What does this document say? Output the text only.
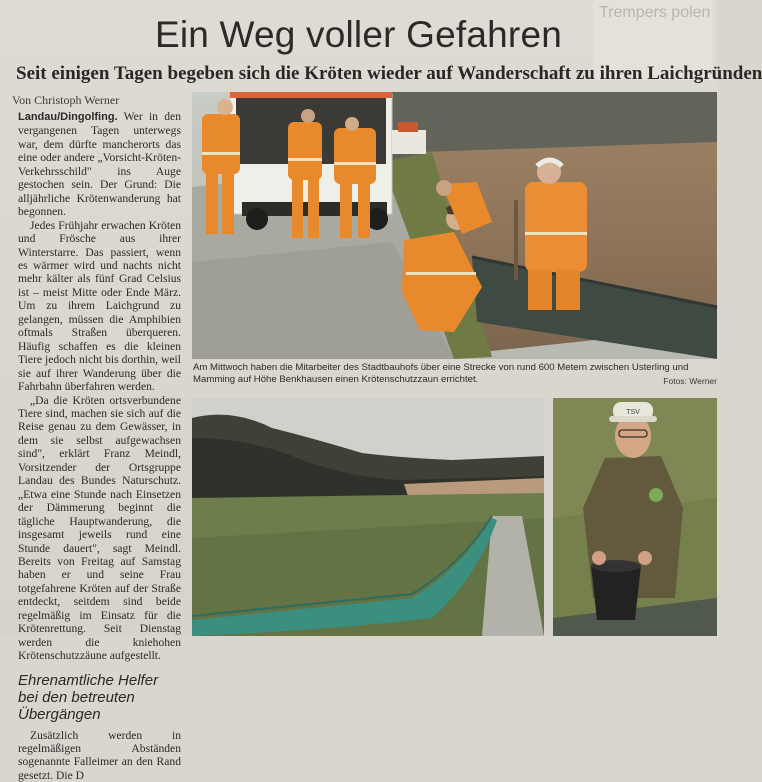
Trempers polen
Ein Weg voller Gefahren
Seit einigen Tagen begeben sich die Kröten wieder auf Wanderschaft zu ihren Laichgründen
Von Christoph Werner

Landau/Dingolfing. Wer in den vergangenen Tagen unterwegs war, dem dürfte mancherorts das eine oder andere „Vorsicht-Kröten-Verkehrsschild" ins Auge gestochen sein. Der Grund: Die alljährliche Krötenwanderung hat begonnen.

Jedes Frühjahr erwachen Kröten und Frösche aus ihrer Winterstarre. Das passiert, wenn es wärmer wird und nachts nicht mehr kälter als fünf Grad Celsius ist – meist Mitte oder Ende März. Um zu ihrem Laichgrund zu gelangen, müssen die Amphibien oftmals Straßen überqueren. Häufig schaffen es die kleinen Tiere jedoch nicht bis dorthin, weil sie auf ihrer Wanderung über die Fahrbahn überfahren werden.

„Da die Kröten ortsverbundene Tiere sind, machen sie sich auf die Reise genau zu dem Gewässer, in dem sie selbst aufgewachsen sind", erklärt Franz Meindl, Vorsitzender der Ortsgruppe Landau des Bundes Naturschutz. „Etwa eine Stunde nach Einsetzen der Dämmerung beginnt die tägliche Hauptwanderung, die insgesamt jeweils rund eine Stunde dauert", sagt Meindl. Bereits von Freitag auf Samstag haben er und seine Frau totgefahrene Kröten auf der Straße entdeckt, seitdem sind beide regelmäßig im Einsatz für die Krötenrettung. Seit Dienstag werden die kniehohen Krötenschutzzäune aufgestellt.

Ehrenamtliche Helfer bei den betreuten Übergängen

Zusätzlich werden in regelmäßigen Abständen sogenannte Falleimer an den Rand gesetzt. Die D

Am Mittwoch haben die Mitarbeiter des Stadtbauhofs über eine Strecke von rund 600 Metern zwischen Usterling und
Mamming auf Höhe Benkhausen einen Krötenschutzzaun errichtet.	Fotos: Werner
TSV
